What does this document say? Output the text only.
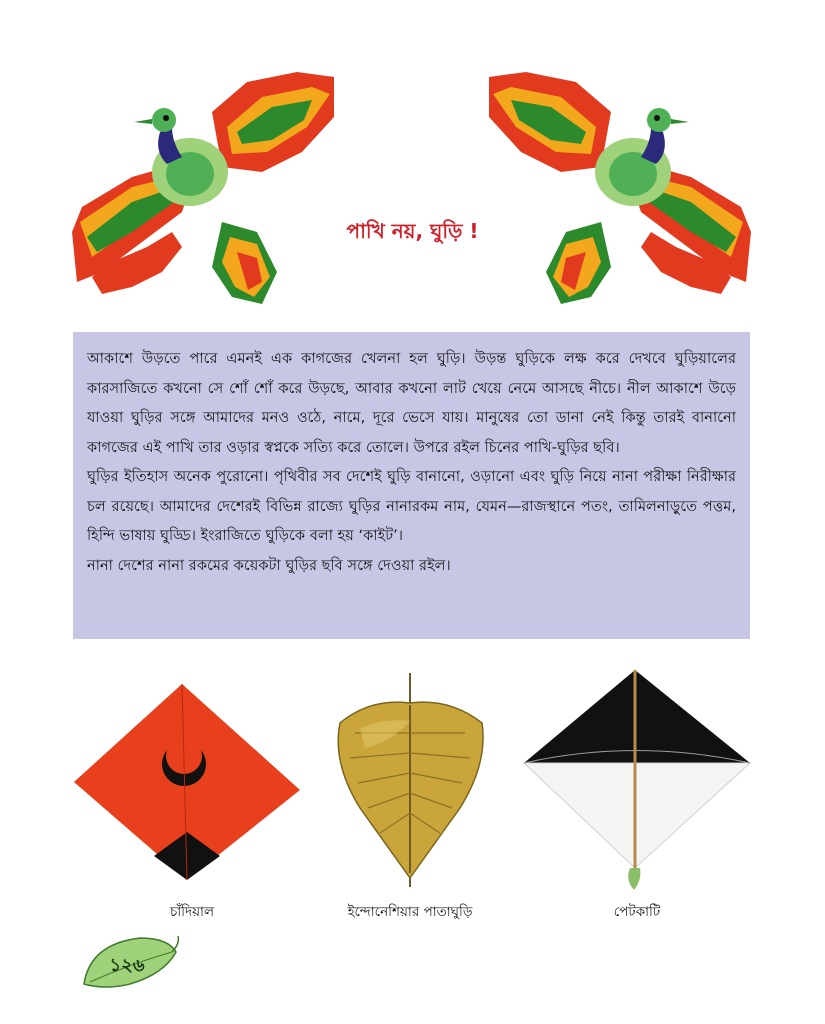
পাখি নয়, ঘুড়ি !

আকাশে উড়তে পারে এমনই এক কাগজের খেলনা হল ঘুড়ি। উড়ন্ত ঘুড়িকে লক্ষ করে দেখবে ঘুড়িয়ালের কারসাজিতে কখনো সে শোঁ শোঁ করে উড়ছে, আবার কখনো লাট খেয়ে নেমে আসছে নীচে। নীল আকাশে উড়ে যাওয়া ঘুড়ির সঙ্গে আমাদের মনও ওঠে, নামে, দূরে ভেসে যায়। মানুষের তো ডানা নেই কিন্তু তারই বানানো কাগজের এই পাখি তার ওড়ার স্বপ্নকে সত্যি করে তোলে। উপরে রইল চিনের পাখি-ঘুড়ির ছবি।

ঘুড়ির ইতিহাস অনেক পুরোনো। পৃথিবীর সব দেশেই ঘুড়ি বানানো, ওড়ানো এবং ঘুড়ি নিয়ে নানা পরীক্ষা নিরীক্ষার চল রয়েছে। আমাদের দেশেরই বিভিন্ন রাজ্যে ঘুড়ির নানারকম নাম, যেমন—রাজস্থানে পতং, তামিলনাড়ুতে পত্তম, হিন্দি ভাষায় ঘুড্ডি। ইংরাজিতে ঘুড়িকে বলা হয় ‘কাইট’।

নানা দেশের নানা রকমের কয়েকটা ঘুড়ির ছবি সঙ্গে দেওয়া রইল।

চাঁদিয়াল	ইন্দোনেশিয়ার পাতাঘুড়ি	পেটকাটি
১২৬
